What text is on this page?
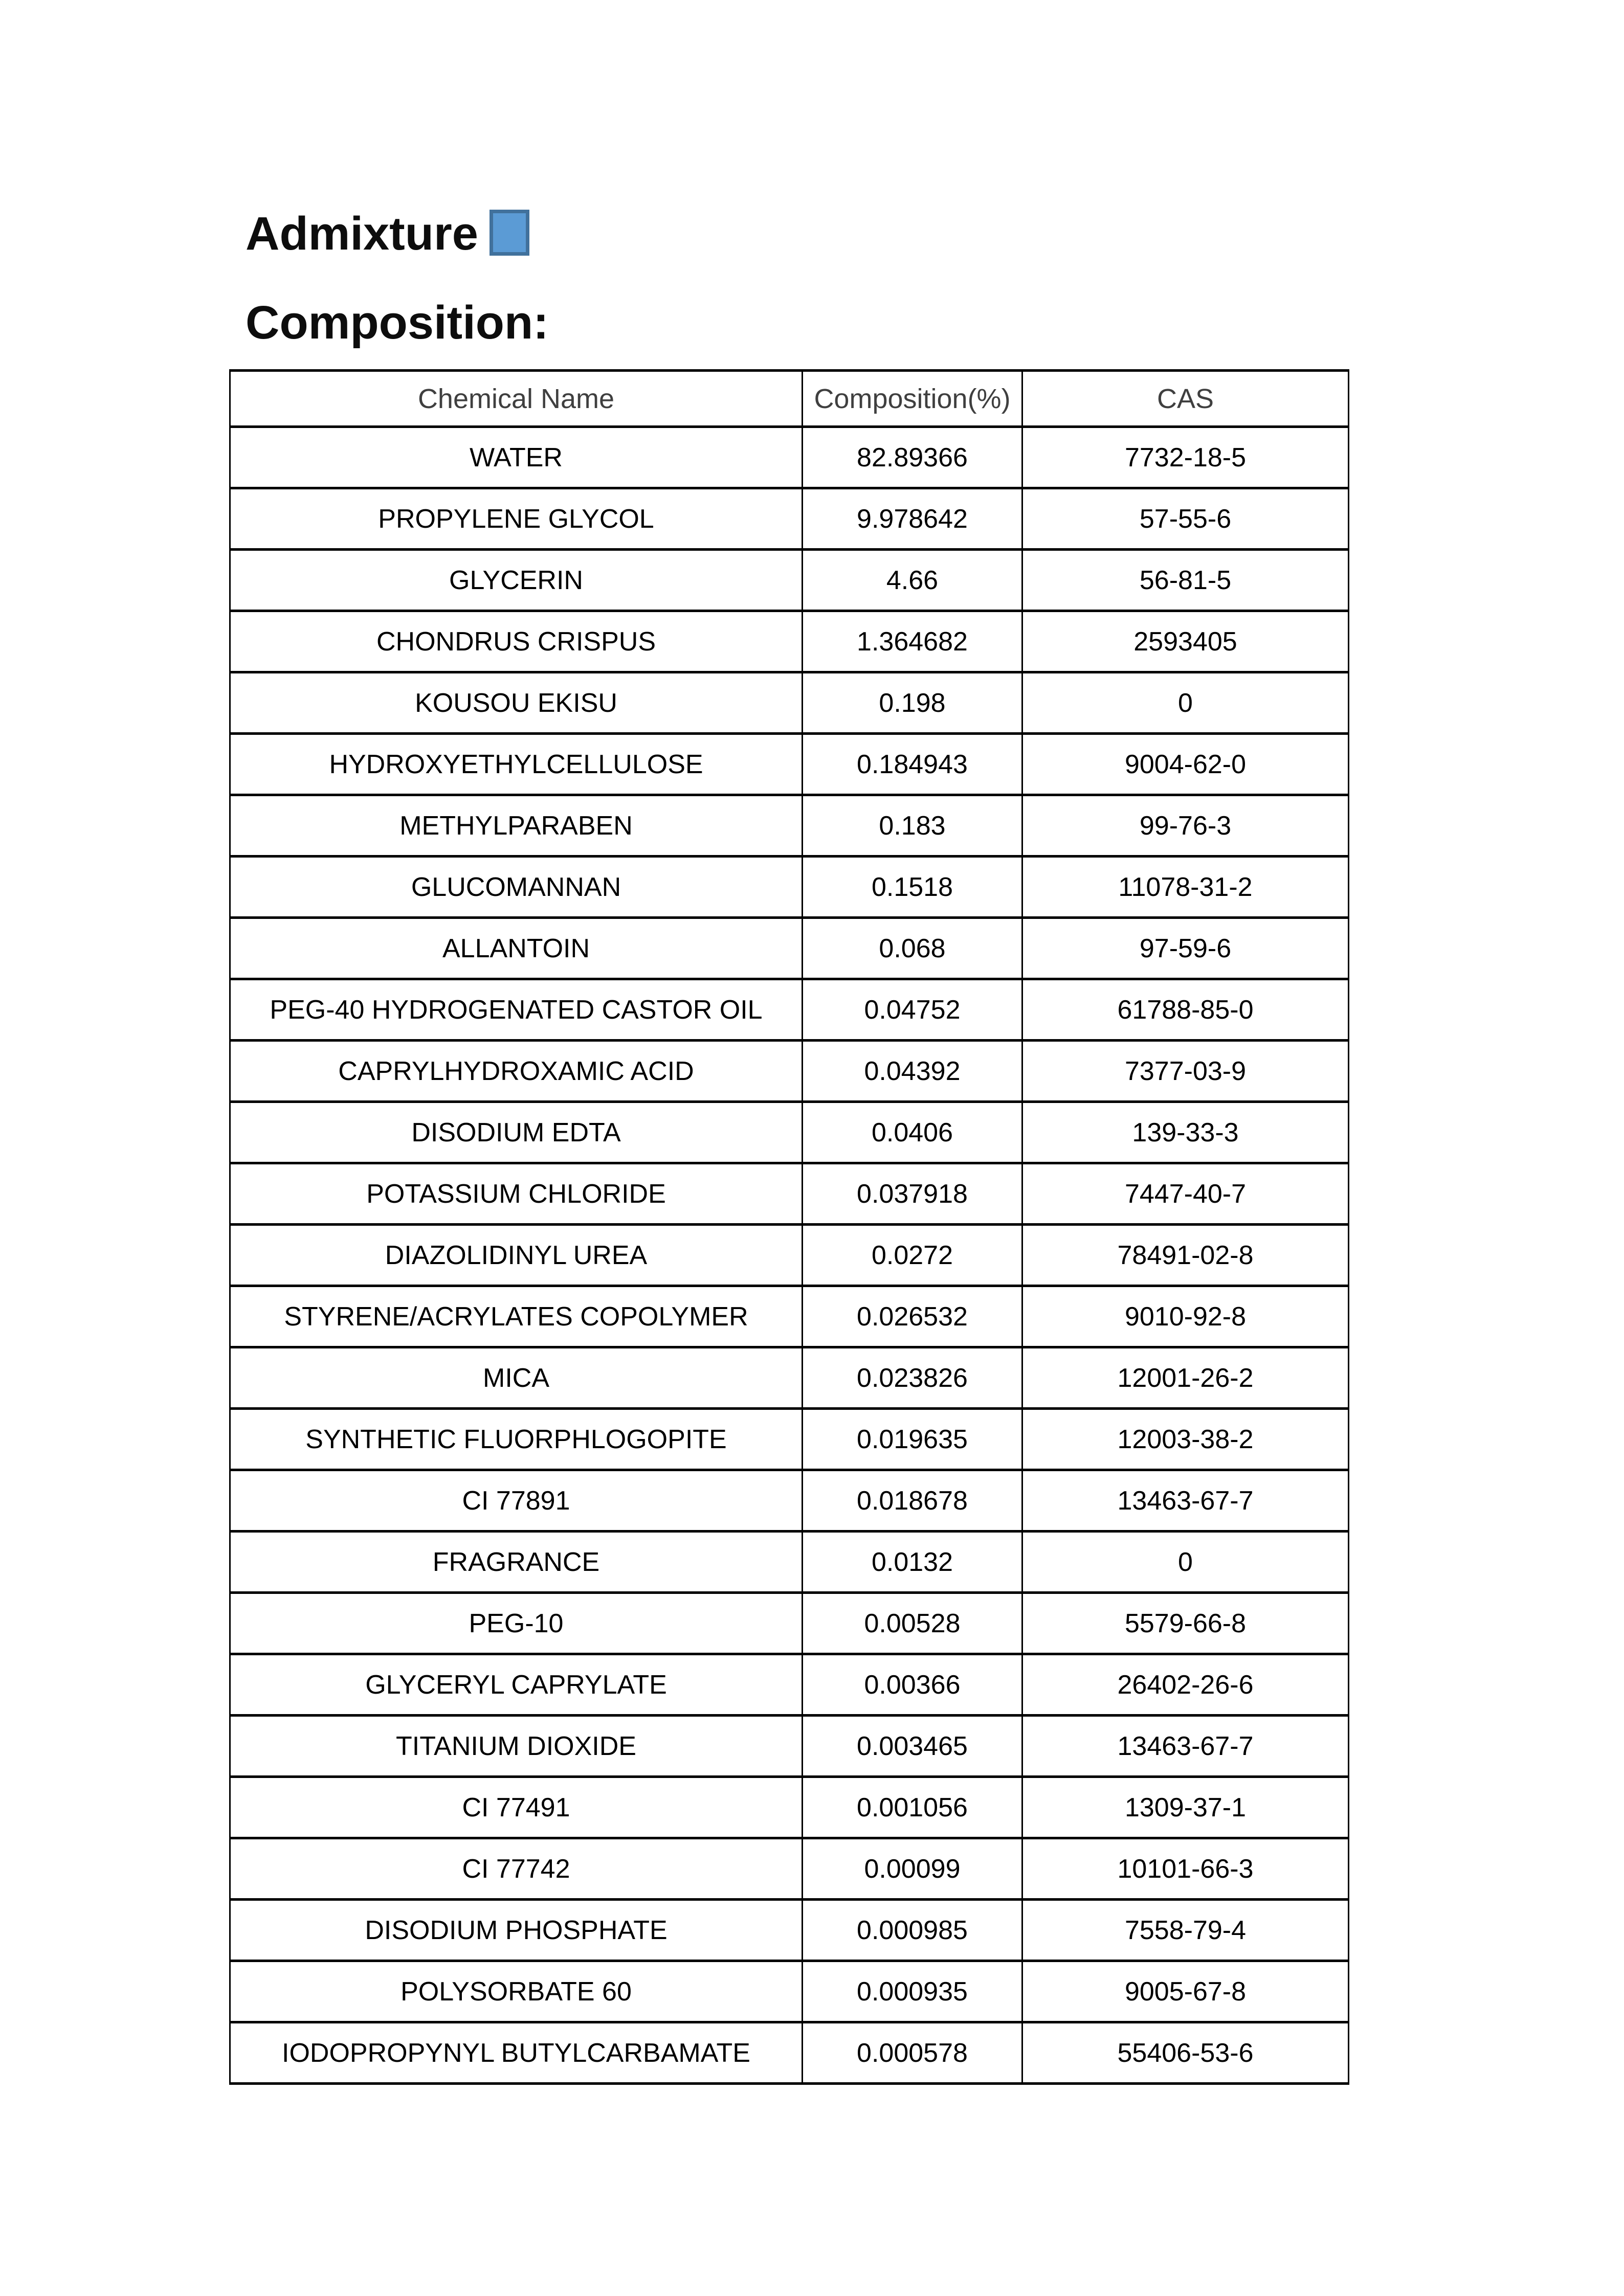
Admixture
Composition:
Chemical Name	Composition(%)	CAS
WATER	82.89366	7732-18-5
PROPYLENE GLYCOL	9.978642	57-55-6
GLYCERIN	4.66	56-81-5
CHONDRUS CRISPUS	1.364682	2593405
KOUSOU EKISU	0.198	0
HYDROXYETHYLCELLULOSE	0.184943	9004-62-0
METHYLPARABEN	0.183	99-76-3
GLUCOMANNAN	0.1518	11078-31-2
ALLANTOIN	0.068	97-59-6
PEG-40 HYDROGENATED CASTOR OIL	0.04752	61788-85-0
CAPRYLHYDROXAMIC ACID	0.04392	7377-03-9
DISODIUM EDTA	0.0406	139-33-3
POTASSIUM CHLORIDE	0.037918	7447-40-7
DIAZOLIDINYL UREA	0.0272	78491-02-8
STYRENE/ACRYLATES COPOLYMER	0.026532	9010-92-8
MICA	0.023826	12001-26-2
SYNTHETIC FLUORPHLOGOPITE	0.019635	12003-38-2
CI 77891	0.018678	13463-67-7
FRAGRANCE	0.0132	0
PEG-10	0.00528	5579-66-8
GLYCERYL CAPRYLATE	0.00366	26402-26-6
TITANIUM DIOXIDE	0.003465	13463-67-7
CI 77491	0.001056	1309-37-1
CI 77742	0.00099	10101-66-3
DISODIUM PHOSPHATE	0.000985	7558-79-4
POLYSORBATE 60	0.000935	9005-67-8
IODOPROPYNYL BUTYLCARBAMATE	0.000578	55406-53-6
